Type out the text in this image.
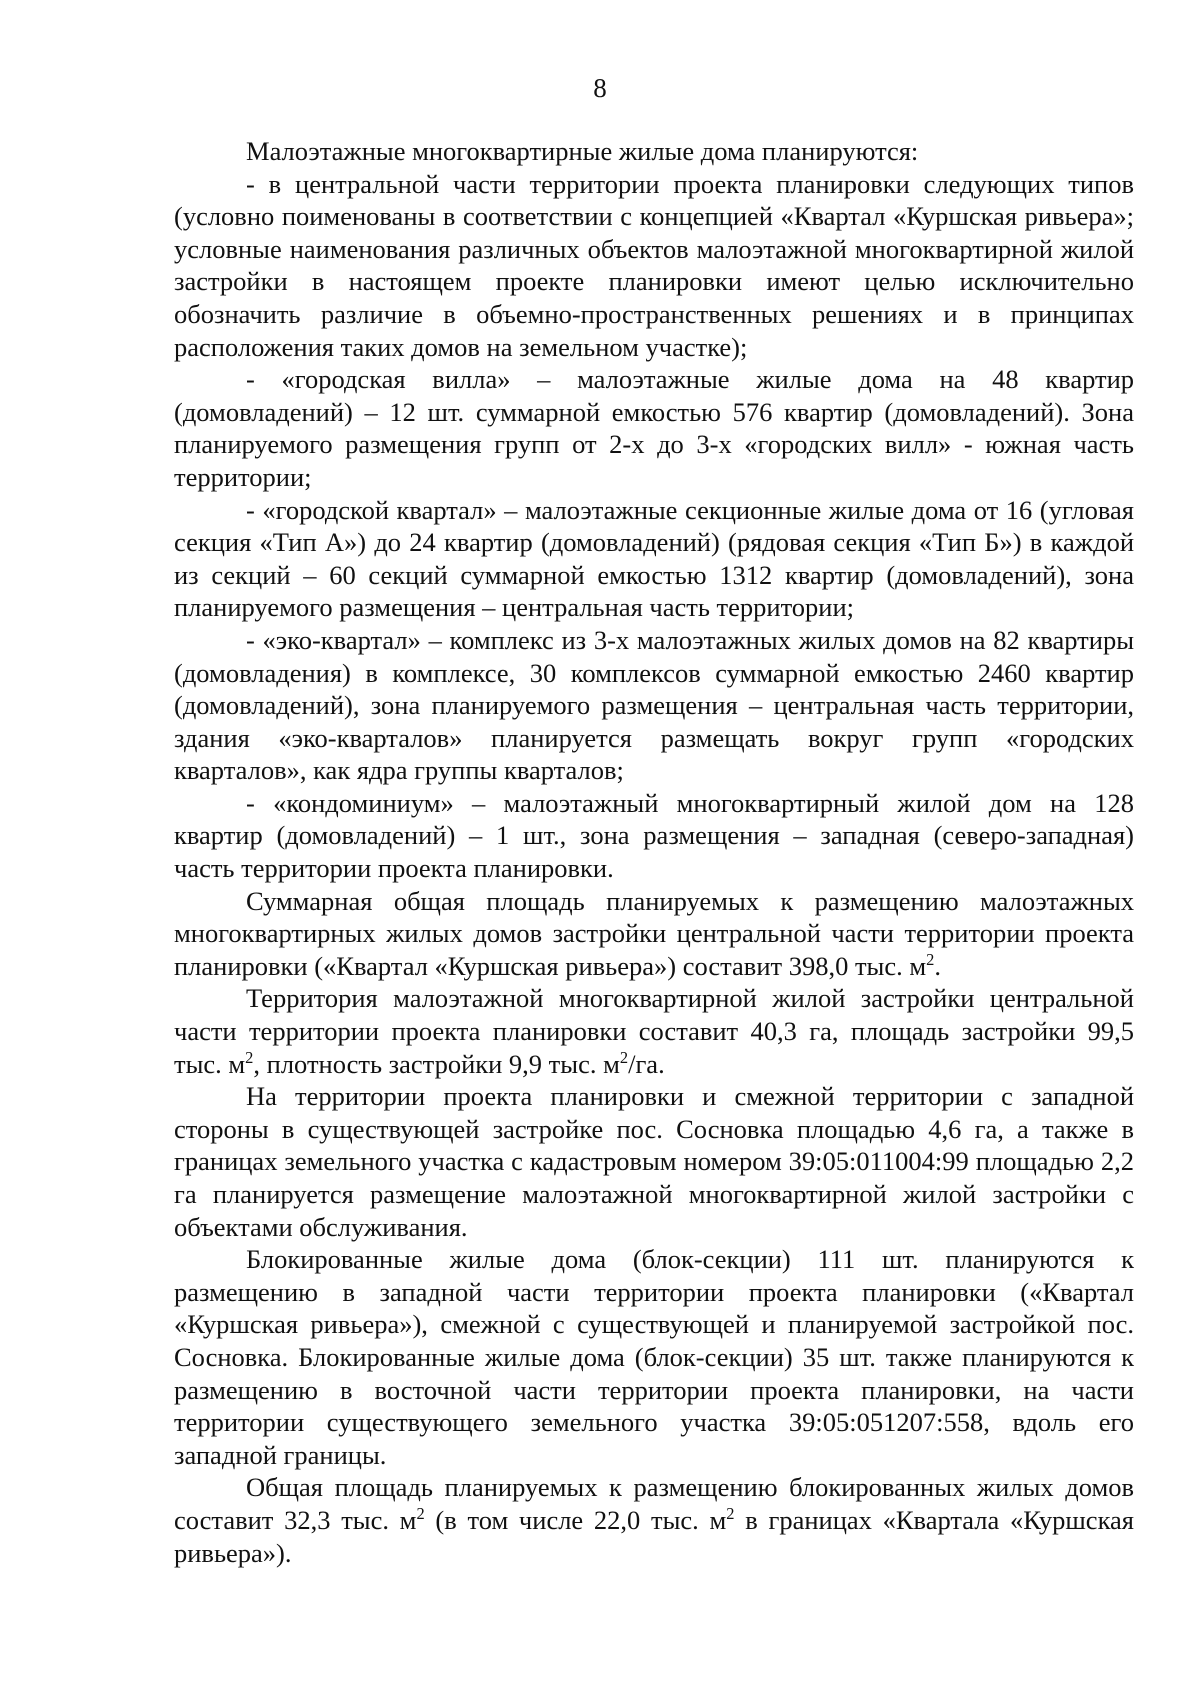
8

Малоэтажные многоквартирные жилые дома планируются:

- в центральной части территории проекта планировки следующих типов (условно поименованы в соответствии с концепцией «Квартал «Куршская ривьера»; условные наименования различных объектов малоэтажной многоквартирной жилой застройки в настоящем проекте планировки имеют целью исключительно обозначить различие в объемно-пространственных решениях и в принципах расположения таких домов на земельном участке);

- «городская вилла» – малоэтажные жилые дома на 48 квартир (домовладений) – 12 шт. суммарной емкостью 576 квартир (домовладений). Зона планируемого размещения групп от 2-х до 3-х «городских вилл» - южная часть территории;

- «городской квартал» – малоэтажные секционные жилые дома от 16 (угловая секция «Тип А») до 24 квартир (домовладений) (рядовая секция «Тип Б») в каждой из секций – 60 секций суммарной емкостью 1312 квартир (домовладений), зона планируемого размещения – центральная часть территории;

- «эко-квартал» – комплекс из 3-х малоэтажных жилых домов на 82 квартиры (домовладения) в комплексе, 30 комплексов суммарной емкостью 2460 квартир (домовладений), зона планируемого размещения – центральная часть территории, здания «эко-кварталов» планируется размещать вокруг групп «городских кварталов», как ядра группы кварталов;

- «кондоминиум» – малоэтажный многоквартирный жилой дом на 128 квартир (домовладений) – 1 шт., зона размещения – западная (северо-западная) часть территории проекта планировки.

Суммарная общая площадь планируемых к размещению малоэтажных многоквартирных жилых домов застройки центральной части территории проекта планировки («Квартал «Куршская ривьера») составит 398,0 тыс. $м^2$.

Территория малоэтажной многоквартирной жилой застройки центральной части территории проекта планировки составит 40,3 га, площадь застройки 99,5 тыс. $м^2$, плотность застройки 9,9 тыс. $м^2/га$.

На территории проекта планировки и смежной территории с западной стороны в существующей застройке пос. Сосновка площадью 4,6 га, а также в границах земельного участка с кадастровым номером 39:05:011004:99 площадью 2,2 га планируется размещение малоэтажной многоквартирной жилой застройки с объектами обслуживания.

Блокированные жилые дома (блок-секции) 111 шт. планируются к размещению в западной части территории проекта планировки («Квартал «Куршская ривьера»), смежной с существующей и планируемой застройкой пос. Сосновка. Блокированные жилые дома (блок-секции) 35 шт. также планируются к размещению в восточной части территории проекта планировки, на части территории существующего земельного участка 39:05:051207:558, вдоль его западной границы.

Общая площадь планируемых к размещению блокированных жилых домов составит 32,3 тыс. $м^2$ (в том числе 22,0 тыс. $м^2$ в границах «Квартала «Куршская ривьера»).
